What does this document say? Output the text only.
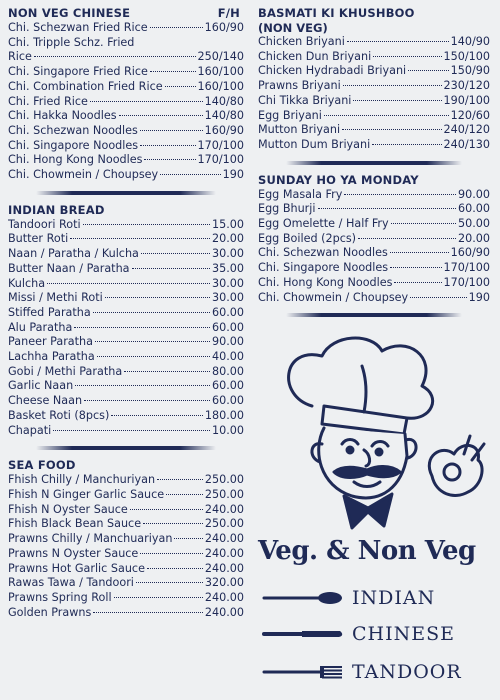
NON VEG CHINESE	F/H
Chi. Schezwan Fried Rice	160/90
Chi. Tripple Schz. Fried
Rice	250/140
Chi. Singapore Fried Rice	160/100
Chi. Combination Fried Rice	160/100
Chi. Fried Rice	140/80
Chi. Hakka Noodles	140/80
Chi. Schezwan Noodles	160/90
Chi. Singapore Noodles	170/100
Chi. Hong Kong Noodles	170/100
Chi. Chowmein / Choupsey	190
INDIAN BREAD
Tandoori Roti	15.00
Butter Roti	20.00
Naan / Paratha / Kulcha	30.00
Butter Naan / Paratha	35.00
Kulcha	30.00
Missi / Methi Roti	30.00
Stiffed Paratha	60.00
Alu Paratha	60.00
Paneer Paratha	90.00
Lachha Paratha	40.00
Gobi / Methi Paratha	80.00
Garlic Naan	60.00
Cheese Naan	60.00
Basket Roti (8pcs)	180.00
Chapati	10.00
SEA FOOD
Fhish Chilly / Manchuriyan	250.00
Fhish N Ginger Garlic Sauce	250.00
Fhish N Oyster Sauce	240.00
Fhish Black Bean Sauce	250.00
Prawns Chilly / Manchuariyan	240.00
Prawns N Oyster Sauce	240.00
Prawns Hot Garlic Sauce	240.00
Rawas Tawa / Tandoori	320.00
Prawns Spring Roll	240.00
Golden Prawns	240.00
BASMATI KI KHUSHBOO
(NON VEG)
Chicken Briyani	140/90
Chicken Dun Briyani	150/100
Chicken Hydrabadi Briyani	150/90
Prawns Briyani	230/120
Chi Tikka Briyani	190/100
Egg Briyani	120/60
Mutton Briyani	240/120
Mutton Dum Briyani	240/130
SUNDAY HO YA MONDAY
Egg Masala Fry	90.00
Egg Bhurji	60.00
Egg Omelette / Half Fry	50.00
Egg Boiled (2pcs)	20.00
Chi. Schezwan Noodles	160/90
Chi. Singapore Noodles	170/100
Chi. Hong Kong Noodles	170/100
Chi. Chowmein / Choupsey	190
Veg. & Non Veg
INDIAN
CHINESE
TANDOOR
